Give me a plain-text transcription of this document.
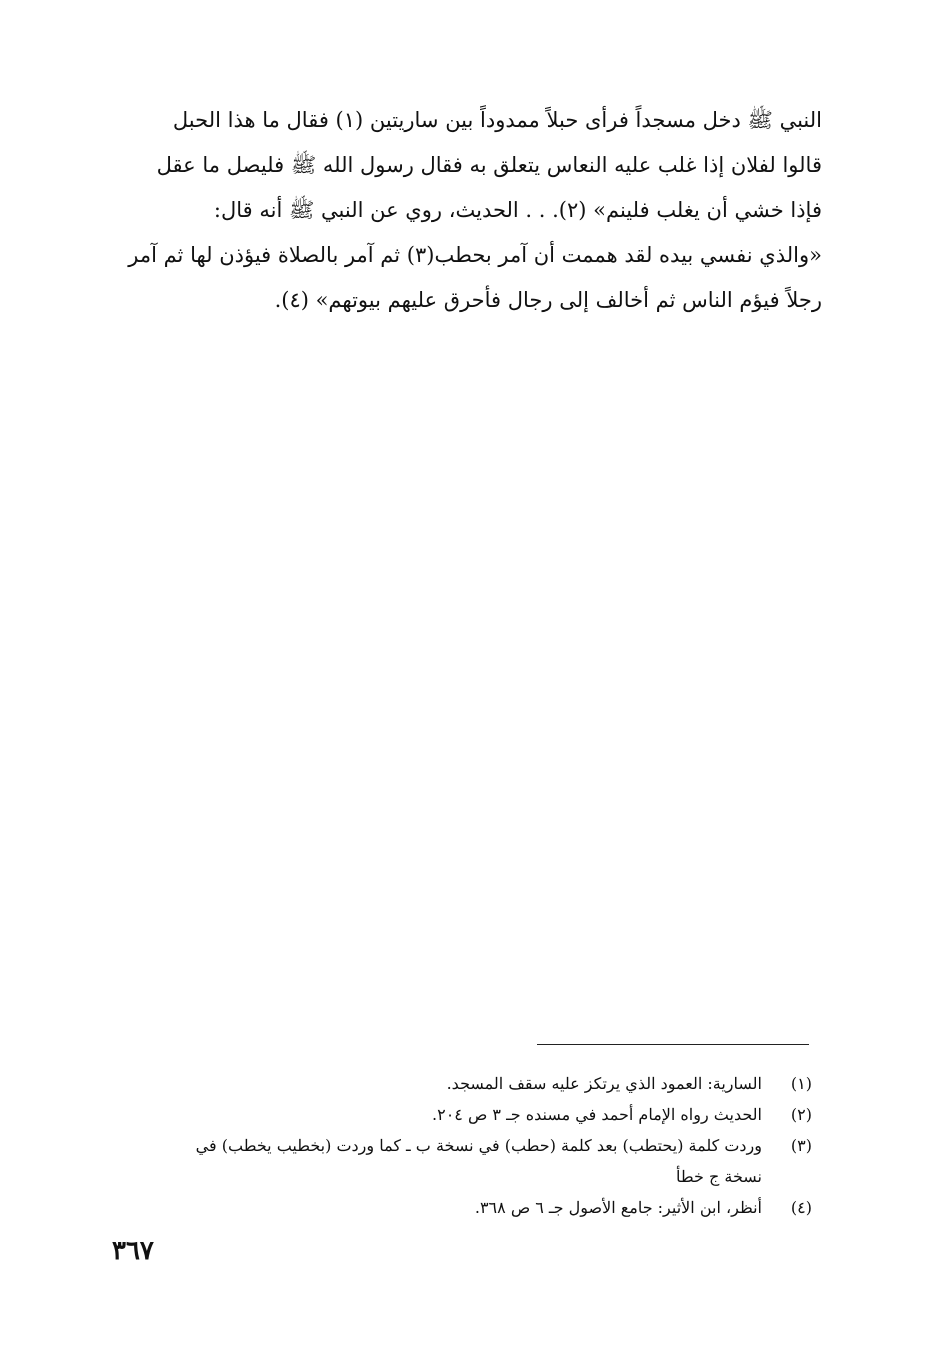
النبي ﷺ دخل مسجداً فرأى حبلاً ممدوداً بين ساريتين (١) فقال ما هذا الحبل
قالوا لفلان إذا غلب عليه النعاس يتعلق به فقال رسول الله ﷺ فليصل ما عقل
فإذا خشي أن يغلب فلينم» (٢). . . الحديث، روي عن النبي ﷺ أنه قال:
«والذي نفسي بيده لقد هممت أن آمر بحطب(٣) ثم آمر بالصلاة فيؤذن لها ثم آمر
رجلاً فيؤم الناس ثم أخالف إلى رجال فأحرق عليهم بيوتهم» (٤).
(١)
السارية: العمود الذي يرتكز عليه سقف المسجد.
(٢)
الحديث رواه الإمام أحمد في مسنده جـ ٣ ص ٢٠٤.
(٣)
وردت كلمة (يحتطب) بعد كلمة (حطب) في نسخة ب ـ كما وردت (بخطيب يخطب) في
نسخة ج خطأ
(٤)
أنظر، ابن الأثير: جامع الأصول جـ ٦ ص ٣٦٨.
٣٦٧
